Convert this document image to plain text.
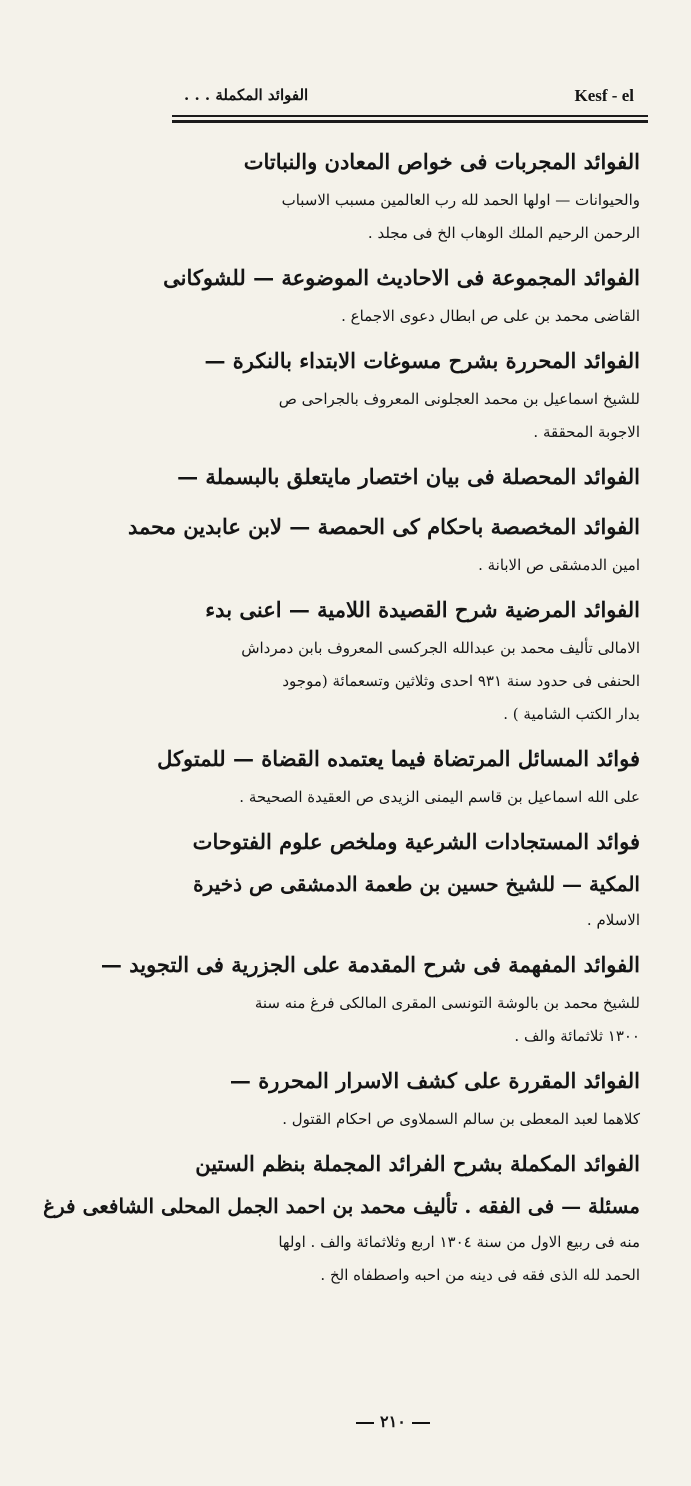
الفوائد المكملة . . .	Kesf - el
الفوائد المجربات فى خواص المعادن والنباتات
والحيوانات — اولها الحمد لله رب العالمين مسبب الاسباب
الرحمن الرحيم الملك الوهاب الخ فى مجلد .
الفوائد المجموعة فى الاحاديث الموضوعة — للشوكانى
القاضى محمد بن على ص ابطال دعوى الاجماع .
الفوائد المحررة بشرح مسوغات الابتداء بالنكرة —
للشيخ اسماعيل بن محمد العجلونى المعروف بالجراحى ص
الاجوبة المحققة .
الفوائد المحصلة فى بيان اختصار مايتعلق بالبسملة —
الفوائد المخصصة باحكام كى الحمصة — لابن عابدين محمد
امين الدمشقى ص الابانة .
الفوائد المرضية شرح القصيدة اللامية — اعنى بدء
الامالى تأليف محمد بن عبدالله الجركسى المعروف بابن دمرداش
الحنفى فى حدود سنة ٩٣١ احدى وثلاثين وتسعمائة (موجود
بدار الكتب الشامية ) .
فوائد المسائل المرتضاة فيما يعتمده القضاة — للمتوكل
على الله اسماعيل بن قاسم اليمنى الزيدى ص العقيدة الصحيحة .
فوائد المستجادات الشرعية وملخص علوم الفتوحات
المكية — للشيخ حسين بن طعمة الدمشقى ص ذخيرة
الاسلام .
الفوائد المفهمة فى شرح المقدمة على الجزرية فى التجويد —
للشيخ محمد بن بالوشة التونسى المقرى المالكى فرغ منه سنة
١٣٠٠ ثلاثمائة والف .
الفوائد المقررة على كشف الاسرار المحررة —
كلاهما لعبد المعطى بن سالم السملاوى ص احكام القتول .
الفوائد المكملة بشرح الفرائد المجملة بنظم الستين
مسئلة — فى الفقه . تأليف محمد بن احمد الجمل المحلى الشافعى فرغ
منه فى ربيع الاول من سنة ١٣٠٤ اربع وثلاثمائة والف . اولها
الحمد لله الذى فقه فى دينه من احبه واصطفاه الخ .
٢١٠
